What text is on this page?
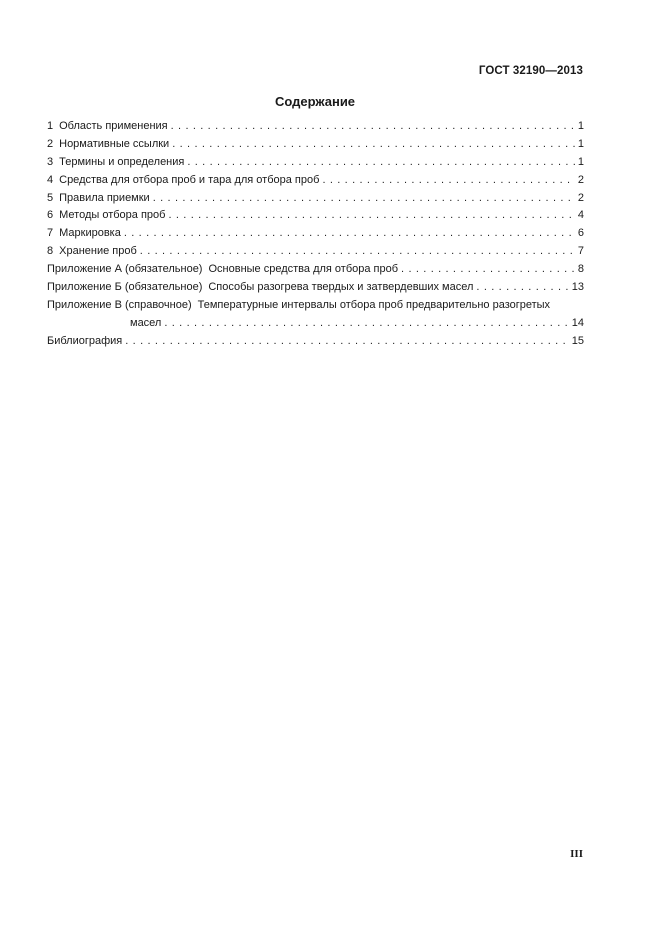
ГОСТ 32190—2013
Содержание
1 Область применения . . .	1
2 Нормативные ссылки . . .	1
3 Термины и определения . . .	1
4 Средства для отбора проб и тара для отбора проб . . .	2
5 Правила приемки . . .	2
6 Методы отбора проб . . .	4
7 Маркировка . . .	6
8 Хранение проб . . .	7
Приложение А (обязательное) Основные средства для отбора проб . . .	8
Приложение Б (обязательное) Способы разогрева твердых и затвердевших масел . . .	13
Приложение В (справочное) Температурные интервалы отбора проб предварительно разогретых
масел . . .	14
Библиография . . .	15
III
